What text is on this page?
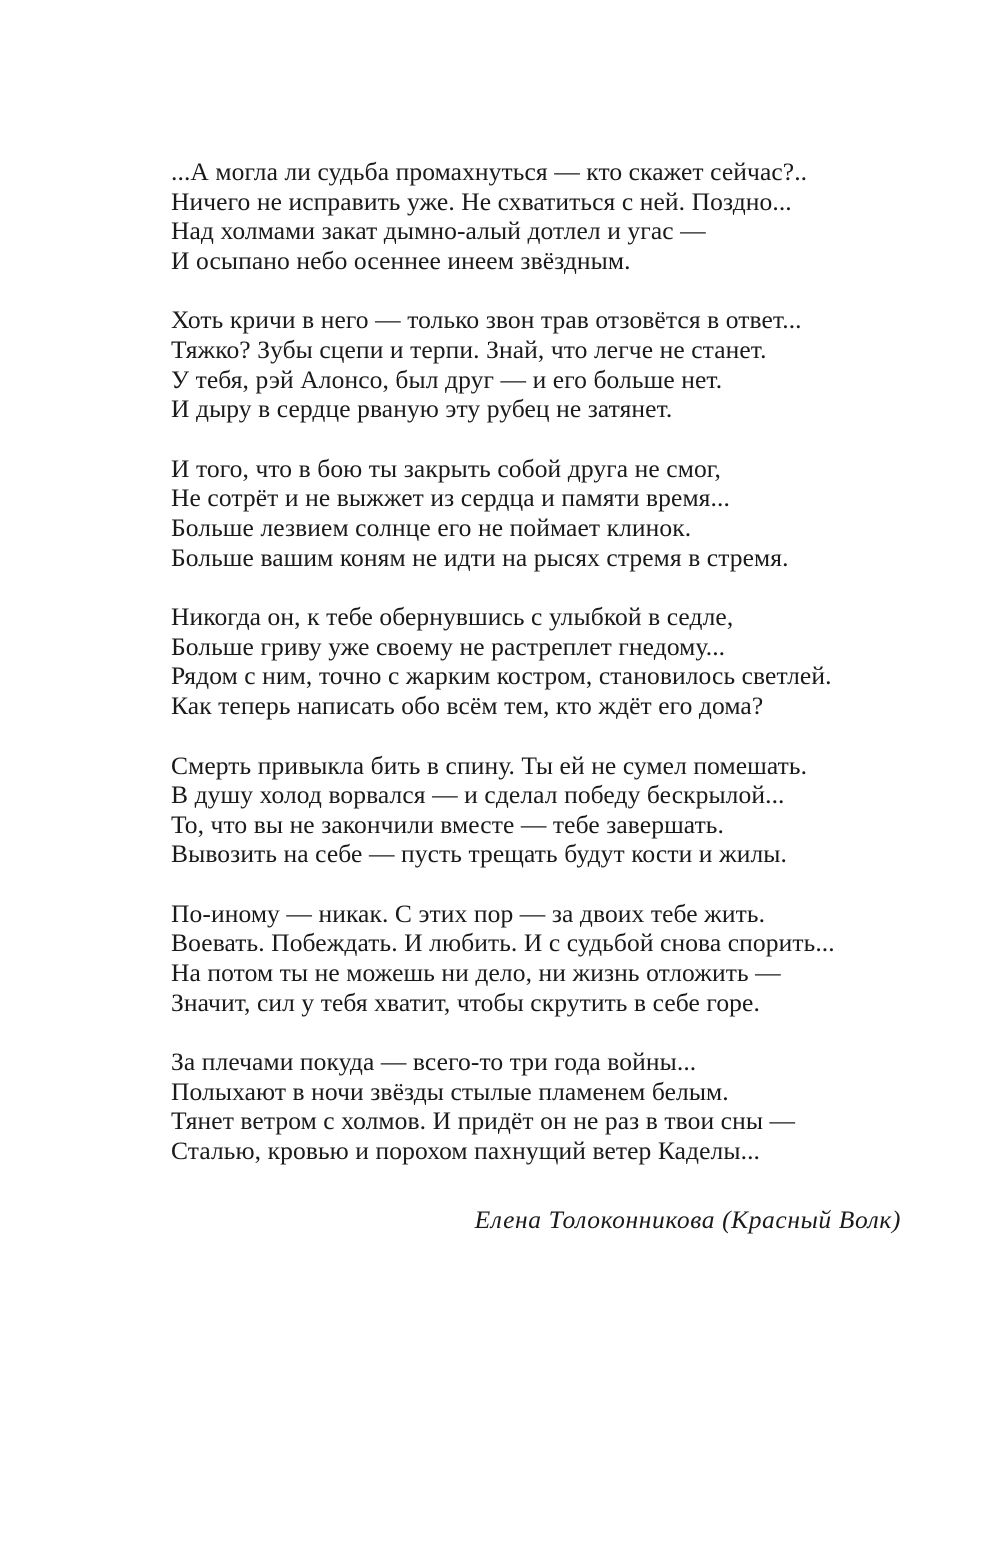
...А могла ли судьба промахнуться — кто скажет сейчас?..
Ничего не исправить уже. Не схватиться с ней. Поздно...
Над холмами закат дымно-алый дотлел и угас —
И осыпано небо осеннее инеем звёздным.
Хоть кричи в него — только звон трав отзовётся в ответ...
Тяжко? Зубы сцепи и терпи. Знай, что легче не станет.
У тебя, рэй Алонсо, был друг — и его больше нет.
И дыру в сердце рваную эту рубец не затянет.
И того, что в бою ты закрыть собой друга не смог,
Не сотрёт и не выжжет из сердца и памяти время...
Больше лезвием солнце его не поймает клинок.
Больше вашим коням не идти на рысях стремя в стремя.
Никогда он, к тебе обернувшись с улыбкой в седле,
Больше гриву уже своему не растреплет гнедому...
Рядом с ним, точно с жарким костром, становилось светлей.
Как теперь написать обо всём тем, кто ждёт его дома?
Смерть привыкла бить в спину. Ты ей не сумел помешать.
В душу холод ворвался — и сделал победу бескрылой...
То, что вы не закончили вместе — тебе завершать.
Вывозить на себе — пусть трещать будут кости и жилы.
По-иному — никак. С этих пор — за двоих тебе жить.
Воевать. Побеждать. И любить. И с судьбой снова спорить...
На потом ты не можешь ни дело, ни жизнь отложить —
Значит, сил у тебя хватит, чтобы скрутить в себе горе.
За плечами покуда — всего-то три года войны...
Полыхают в ночи звёзды стылые пламенем белым.
Тянет ветром с холмов. И придёт он не раз в твои сны —
Сталью, кровью и порохом пахнущий ветер Каделы...
Елена Толоконникова (Красный Волк)
